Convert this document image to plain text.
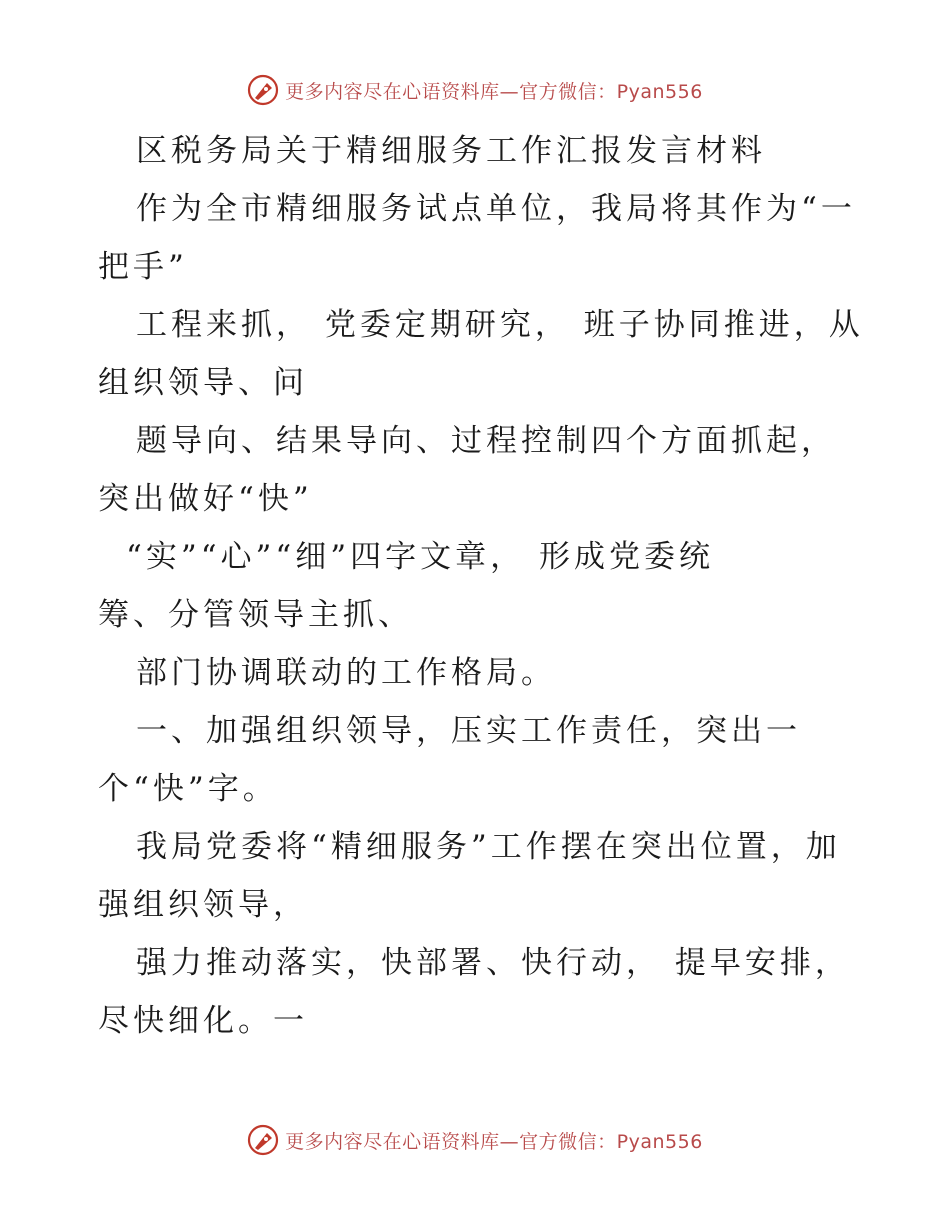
更多内容尽在心语资料库—官方微信：Pyan556
区税务局关于精细服务工作汇报发言材料
作为全市精细服务试点单位，我局将其作为“一
把手”
工程来抓， 党委定期研究， 班子协同推进，从
组织领导、问
题导向、结果导向、过程控制四个方面抓起，
突出做好“快”
“实”“心”“细”四字文章， 形成党委统
筹、分管领导主抓、
部门协调联动的工作格局。
一、加强组织领导，压实工作责任，突出一
个“快”字。
我局党委将“精细服务”工作摆在突出位置，加
强组织领导，
强力推动落实，快部署、快行动， 提早安排，
尽快细化。一
更多内容尽在心语资料库—官方微信：Pyan556
